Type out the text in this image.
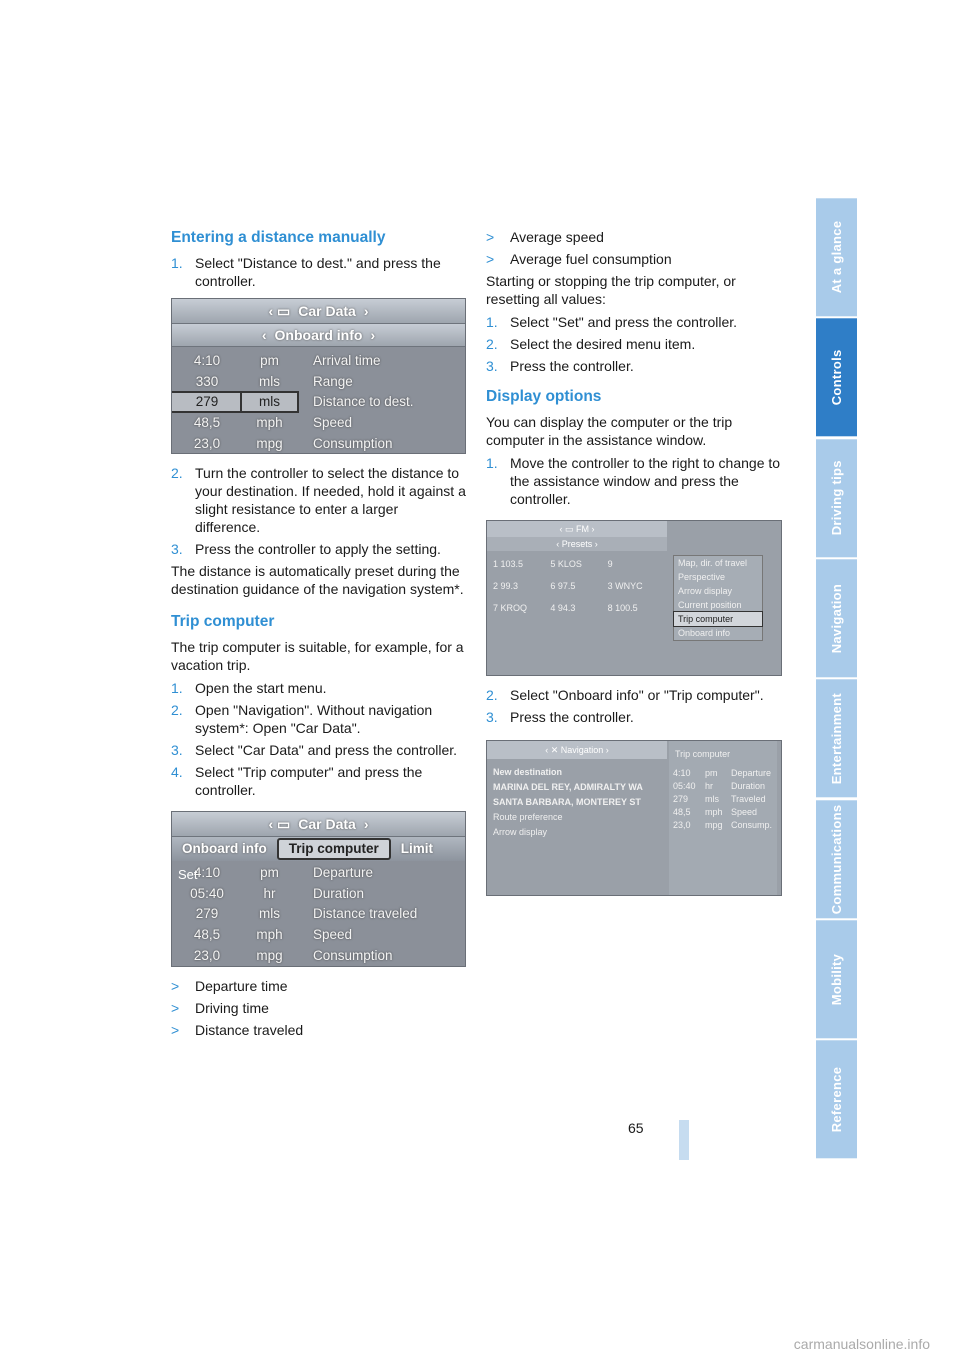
Entering a distance manually
1. Select "Distance to dest." and press the controller.
‹ ▭ Car Data ›
‹ Onboard info ›
4:10	pm	Arrival time
330	mls	Range
279	mls	Distance to dest.
48,5	mph	Speed
23,0	mpg	Consumption
2. Turn the controller to select the distance to your destination. If needed, hold it against a slight resistance to enter a larger difference.
3. Press the controller to apply the setting.

The distance is automatically preset during the destination guidance of the navigation system*.

Trip computer

The trip computer is suitable, for example, for a vacation trip.

1. Open the start menu.
2. Open "Navigation". Without navigation system*: Open "Car Data".
3. Select "Car Data" and press the controller.
4. Select "Trip computer" and press the controller.
‹ ▭ Car Data ›
Onboard info	Trip computer	Limit
Set
4:10	pm	Departure
05:40	hr	Duration
279	mls	Distance traveled
48,5	mph	Speed
23,0	mpg	Consumption
> Departure time
> Driving time
> Distance traveled
> Average speed
> Average fuel consumption

Starting or stopping the trip computer, or resetting all values:

1. Select "Set" and press the controller.
2. Select the desired menu item.
3. Press the controller.
Display options

You can display the computer or the trip computer in the assistance window.

1. Move the controller to the right to change to the assistance window and press the controller.
‹ ▭ FM ›
‹ Presets ›
1 103.5	5 KLOS	9
2 99.3	6 97.5	3 WNYC
7 KROQ	4 94.3	8 100.5
Map, dir. of travel
Perspective
Arrow display
Current position
Trip computer
Onboard info
2. Select "Onboard info" or "Trip computer".
3. Press the controller.
‹ ✕ Navigation ›
New destination
MARINA DEL REY, ADMIRALTY WA
SANTA BARBARA, MONTEREY ST
Route preference
Arrow display
Trip computer
4:10	pm	Departure
05:40	hr	Duration
279	mls	Traveled
48,5	mph Speed
23,0	mpg Consump.
65
carmanualsonline.info
At a glance
Controls
Driving tips
Navigation
Entertainment
Communications
Mobility
Reference
